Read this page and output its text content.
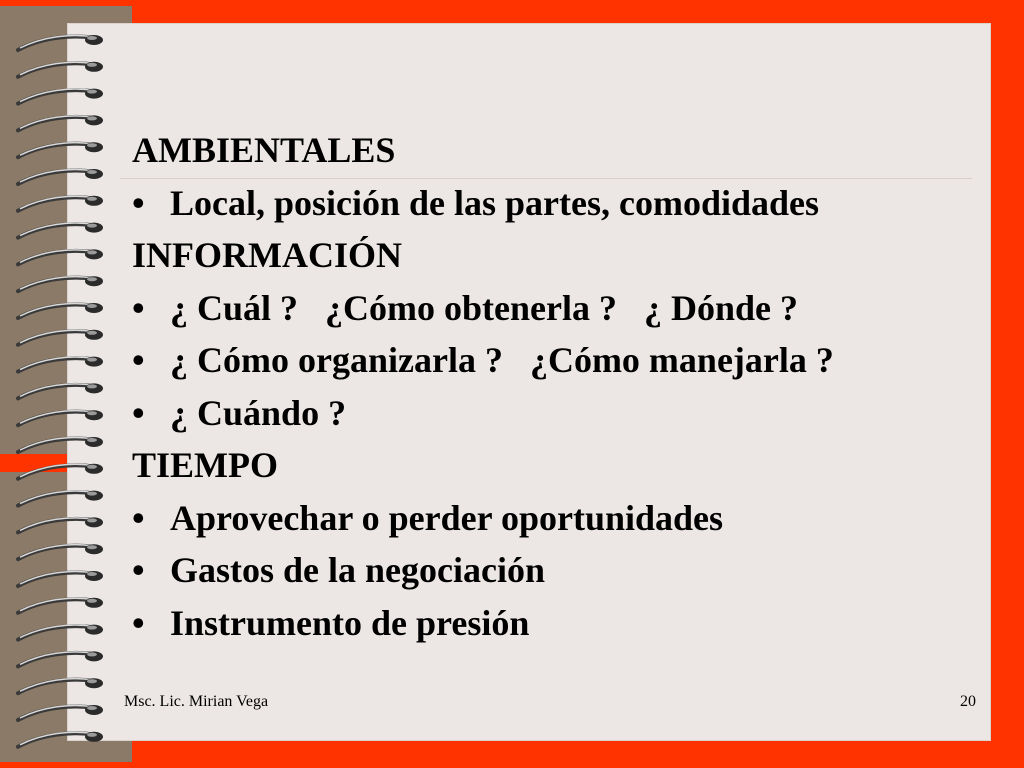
AMBIENTALES

• Local, posición de las partes, comodidades

INFORMACIÓN

• ¿ Cuál ?   ¿Cómo obtenerla ?   ¿ Dónde ?

• ¿ Cómo organizarla ?   ¿Cómo manejarla ?

• ¿ Cuándo ?

TIEMPO

• Aprovechar o perder oportunidades

• Gastos de la negociación

• Instrumento de presión

Msc. Lic. Mirian Vega	20
